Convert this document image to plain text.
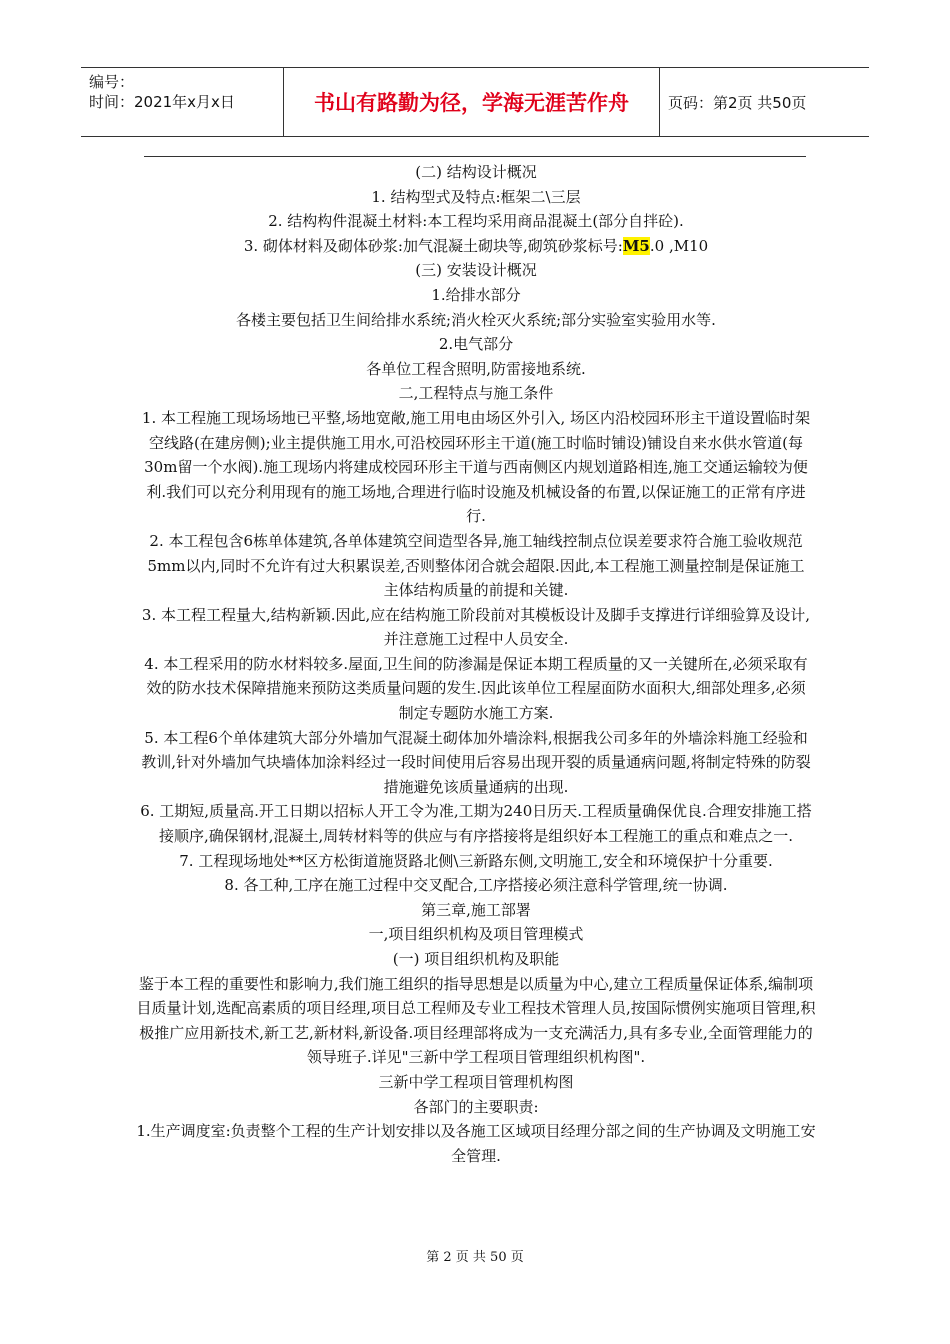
编号：
时间：2021年x月x日	书山有路勤为径，学海无涯苦作舟	页码：第2页 共50页

(二) 结构设计概况

1. 结构型式及特点:框架二\三层

2. 结构构件混凝土材料:本工程均采用商品混凝土(部分自拌砼).

3. 砌体材料及砌体砂浆:加气混凝土砌块等,砌筑砂浆标号:M5.0 ,M10

(三) 安装设计概况

1.给排水部分

各楼主要包括卫生间给排水系统;消火栓灭火系统;部分实验室实验用水等.

2.电气部分

各单位工程含照明,防雷接地系统.

二,工程特点与施工条件

1. 本工程施工现场场地已平整,场地宽敞,施工用电由场区外引入, 场区内沿校园环形主干道设置临时架空线路(在建房侧);业主提供施工用水,可沿校园环形主干道(施工时临时铺设)铺设自来水供水管道(每30m留一个水阀).施工现场内将建成校园环形主干道与西南侧区内规划道路相连,施工交通运输较为便利.我们可以充分利用现有的施工场地,合理进行临时设施及机械设备的布置,以保证施工的正常有序进行.

2. 本工程包含6栋单体建筑,各单体建筑空间造型各异,施工轴线控制点位误差要求符合施工验收规范5mm以内,同时不允许有过大积累误差,否则整体闭合就会超限.因此,本工程施工测量控制是保证施工主体结构质量的前提和关键.

3. 本工程工程量大,结构新颖.因此,应在结构施工阶段前对其模板设计及脚手支撑进行详细验算及设计,并注意施工过程中人员安全.

4. 本工程采用的防水材料较多.屋面,卫生间的防渗漏是保证本期工程质量的又一关键所在,必须采取有效的防水技术保障措施来预防这类质量问题的发生.因此该单位工程屋面防水面积大,细部处理多,必须制定专题防水施工方案.

5. 本工程6个单体建筑大部分外墙加气混凝土砌体加外墙涂料,根据我公司多年的外墙涂料施工经验和教训,针对外墙加气块墙体加涂料经过一段时间使用后容易出现开裂的质量通病问题,将制定特殊的防裂措施避免该质量通病的出现.

6. 工期短,质量高.开工日期以招标人开工令为准,工期为240日历天.工程质量确保优良.合理安排施工搭接顺序,确保钢材,混凝土,周转材料等的供应与有序搭接将是组织好本工程施工的重点和难点之一.

7. 工程现场地处**区方松街道施贤路北侧\三新路东侧,文明施工,安全和环境保护十分重要.

8. 各工种,工序在施工过程中交叉配合,工序搭接必须注意科学管理,统一协调.

第三章,施工部署

一,项目组织机构及项目管理模式

(一) 项目组织机构及职能

鉴于本工程的重要性和影响力,我们施工组织的指导思想是以质量为中心,建立工程质量保证体系,编制项目质量计划,选配高素质的项目经理,项目总工程师及专业工程技术管理人员,按国际惯例实施项目管理,积极推广应用新技术,新工艺,新材料,新设备.项目经理部将成为一支充满活力,具有多专业,全面管理能力的领导班子.详见"三新中学工程项目管理组织机构图".

三新中学工程项目管理机构图

各部门的主要职责:

1.生产调度室:负责整个工程的生产计划安排以及各施工区域项目经理分部之间的生产协调及文明施工安全管理.

第 2 页 共 50 页
